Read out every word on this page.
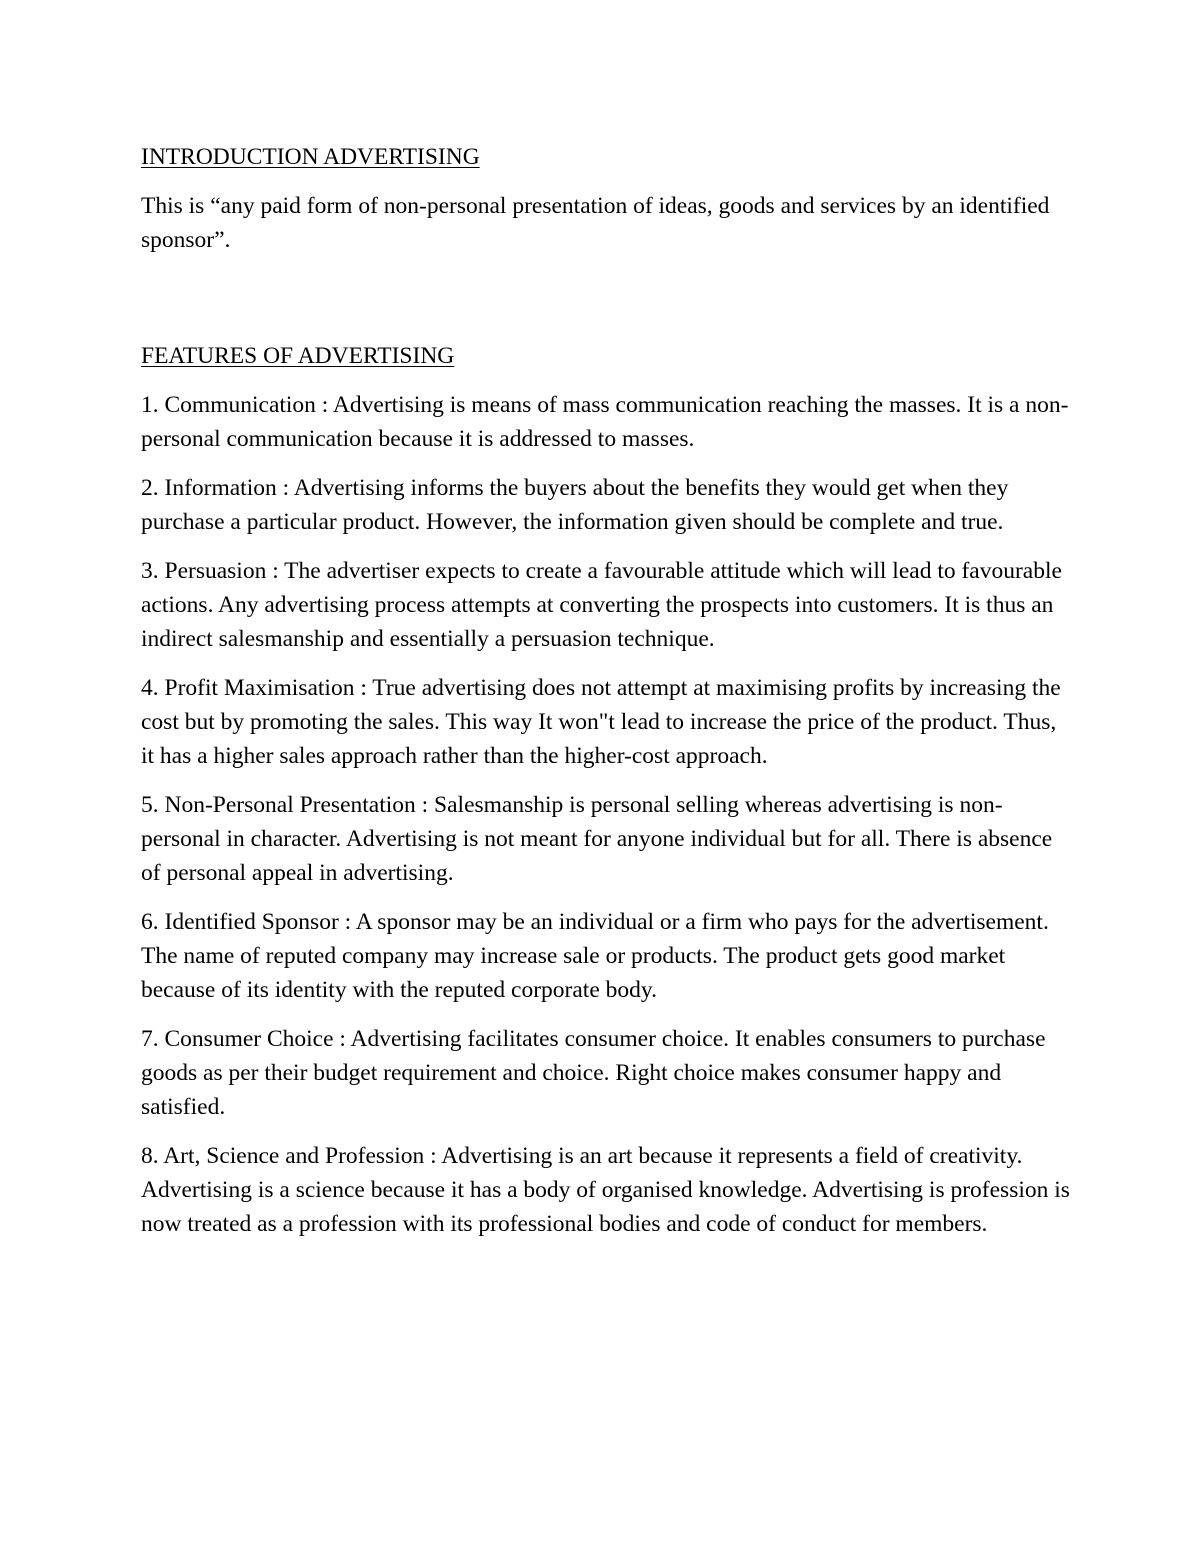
INTRODUCTION ADVERTISING

This is “any paid form of non-personal presentation of ideas, goods and services by an identified sponsor”.

FEATURES OF ADVERTISING

1. Communication : Advertising is means of mass communication reaching the masses. It is a non-personal communication because it is addressed to masses.

2. Information : Advertising informs the buyers about the benefits they would get when they purchase a particular product. However, the information given should be complete and true.

3. Persuasion : The advertiser expects to create a favourable attitude which will lead to favourable actions. Any advertising process attempts at converting the prospects into customers. It is thus an indirect salesmanship and essentially a persuasion technique.

4. Profit Maximisation : True advertising does not attempt at maximising profits by increasing the cost but by promoting the sales. This way It won"t lead to increase the price of the product. Thus, it has a higher sales approach rather than the higher-cost approach.

5. Non-Personal Presentation : Salesmanship is personal selling whereas advertising is non-personal in character. Advertising is not meant for anyone individual but for all. There is absence of personal appeal in advertising.

6. Identified Sponsor : A sponsor may be an individual or a firm who pays for the advertisement. The name of reputed company may increase sale or products. The product gets good market because of its identity with the reputed corporate body.

7. Consumer Choice : Advertising facilitates consumer choice. It enables consumers to purchase goods as per their budget requirement and choice. Right choice makes consumer happy and satisfied.

8. Art, Science and Profession : Advertising is an art because it represents a field of creativity. Advertising is a science because it has a body of organised knowledge. Advertising is profession is now treated as a profession with its professional bodies and code of conduct for members.
